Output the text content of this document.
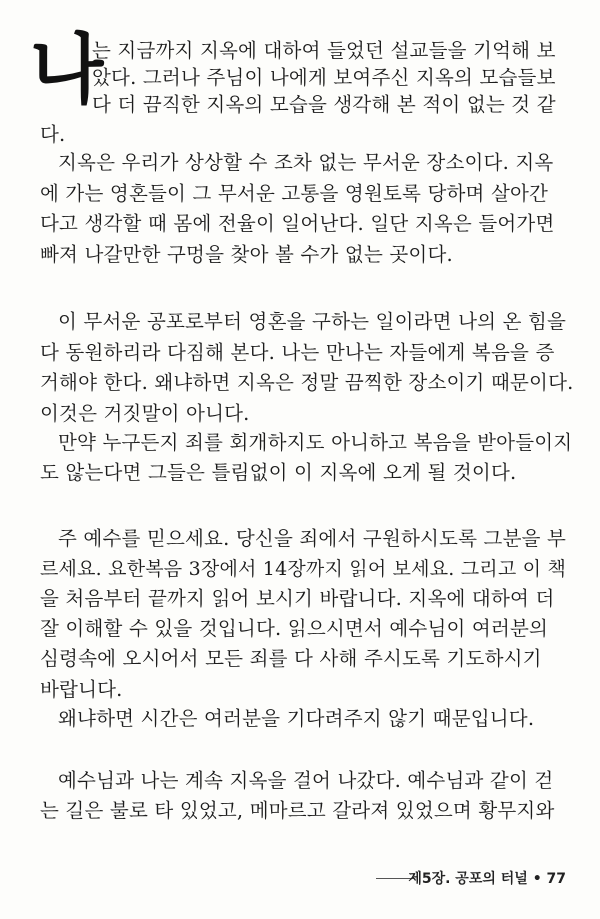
나
는 지금까지 지옥에 대하여 들었던 설교들을 기억해 보
았다. 그러나 주님이 나에게 보여주신 지옥의 모습들보
다 더 끔직한 지옥의 모습을 생각해 본 적이 없는 것 같
다.
지옥은 우리가 상상할 수 조차 없는 무서운 장소이다. 지옥
에 가는 영혼들이 그 무서운 고통을 영원토록 당하며 살아간
다고 생각할 때 몸에 전율이 일어난다. 일단 지옥은 들어가면
빠져 나갈만한 구멍을 찾아 볼 수가 없는 곳이다.
이 무서운 공포로부터 영혼을 구하는 일이라면 나의 온 힘을
다 동원하리라 다짐해 본다. 나는 만나는 자들에게 복음을 증
거해야 한다. 왜냐하면 지옥은 정말 끔찍한 장소이기 때문이다.
이것은 거짓말이 아니다.
만약 누구든지 죄를 회개하지도 아니하고 복음을 받아들이지
도 않는다면 그들은 틀림없이 이 지옥에 오게 될 것이다.
주 예수를 믿으세요. 당신을 죄에서 구원하시도록 그분을 부
르세요. 요한복음 3장에서 14장까지 읽어 보세요. 그리고 이 책
을 처음부터 끝까지 읽어 보시기 바랍니다. 지옥에 대하여 더
잘 이해할 수 있을 것입니다. 읽으시면서 예수님이 여러분의
심령속에 오시어서 모든 죄를 다 사해 주시도록 기도하시기
바랍니다.
왜냐하면 시간은 여러분을 기다려주지 않기 때문입니다.
예수님과 나는 계속 지옥을 걸어 나갔다. 예수님과 같이 걷
는 길은 불로 타 있었고, 메마르고 갈라져 있었으며 황무지와
제5장. 공포의 터널 • 77
